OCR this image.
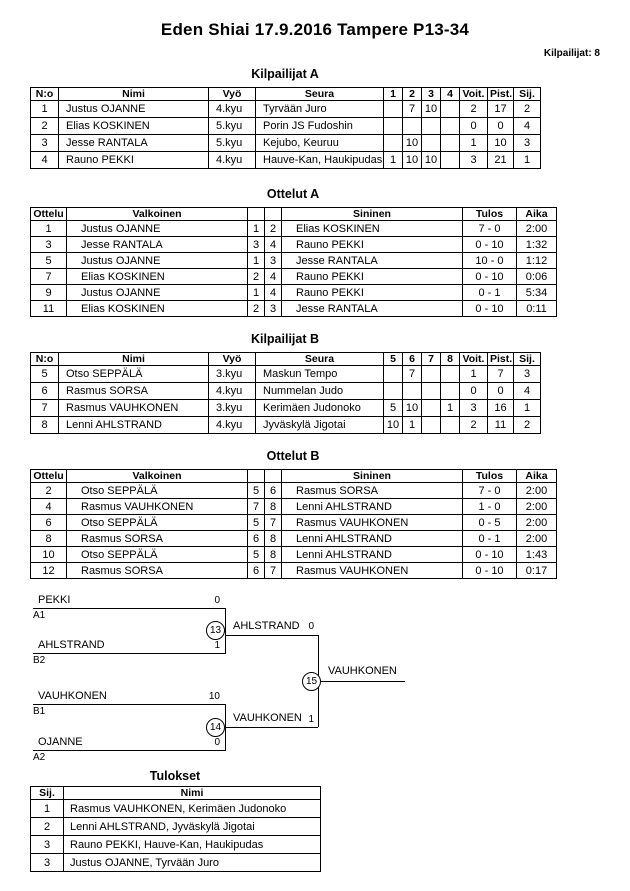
Eden Shiai 17.9.2016 Tampere P13-34
Kilpailijat: 8
Kilpailijat A
N:o	Nimi	Vyö	Seura	1	2	3	4	Voit.	Pist.	Sij.
1	Justus OJANNE	4.kyu	Tyrvään Juro		7	10		2	17	2
2	Elias KOSKINEN	5.kyu	Porin JS Fudoshin					0	0	4
3	Jesse RANTALA	5.kyu	Kejubo, Keuruu		10			1	10	3
4	Rauno PEKKI	4.kyu	Hauve-Kan, Haukipudas	1	10	10		3	21	1
Ottelut A
Ottelu	Valkoinen			Sininen	Tulos	Aika
1	Justus OJANNE	1	2	Elias KOSKINEN	7 - 0	2:00
3	Jesse RANTALA	3	4	Rauno PEKKI	0 - 10	1:32
5	Justus OJANNE	1	3	Jesse RANTALA	10 - 0	1:12
7	Elias KOSKINEN	2	4	Rauno PEKKI	0 - 10	0:06
9	Justus OJANNE	1	4	Rauno PEKKI	0 - 1	5:34
11	Elias KOSKINEN	2	3	Jesse RANTALA	0 - 10	0:11
Kilpailijat B
N:o	Nimi	Vyö	Seura	5	6	7	8	Voit.	Pist.	Sij.
5	Otso SEPPÄLÄ	3.kyu	Maskun Tempo		7			1	7	3
6	Rasmus SORSA	4.kyu	Nummelan Judo					0	0	4
7	Rasmus VAUHKONEN	3.kyu	Kerimäen Judonoko	5	10		1	3	16	1
8	Lenni AHLSTRAND	4.kyu	Jyväskylä Jigotai	10	1			2	11	2
Ottelut B
Ottelu	Valkoinen			Sininen	Tulos	Aika
2	Otso SEPPÄLÄ	5	6	Rasmus SORSA	7 - 0	2:00
4	Rasmus VAUHKONEN	7	8	Lenni AHLSTRAND	1 - 0	2:00
6	Otso SEPPÄLÄ	5	7	Rasmus VAUHKONEN	0 - 5	2:00
8	Rasmus SORSA	6	8	Lenni AHLSTRAND	0 - 1	2:00
10	Otso SEPPÄLÄ	5	8	Lenni AHLSTRAND	0 - 10	1:43
12	Rasmus SORSA	6	7	Rasmus VAUHKONEN	0 - 10	0:17
PEKKI
A1
0
AHLSTRAND
B2
1
13	AHLSTRAND 0
15
VAUHKONEN
VAUHKONEN
B1
10
OJANNE
A2
0
14
VAUHKONEN 1
Tulokset
Sij.	Nimi
1	Rasmus VAUHKONEN, Kerimäen Judonoko
2	Lenni AHLSTRAND, Jyväskylä Jigotai
3	Rauno PEKKI, Hauve-Kan, Haukipudas
3	Justus OJANNE, Tyrvään Juro
